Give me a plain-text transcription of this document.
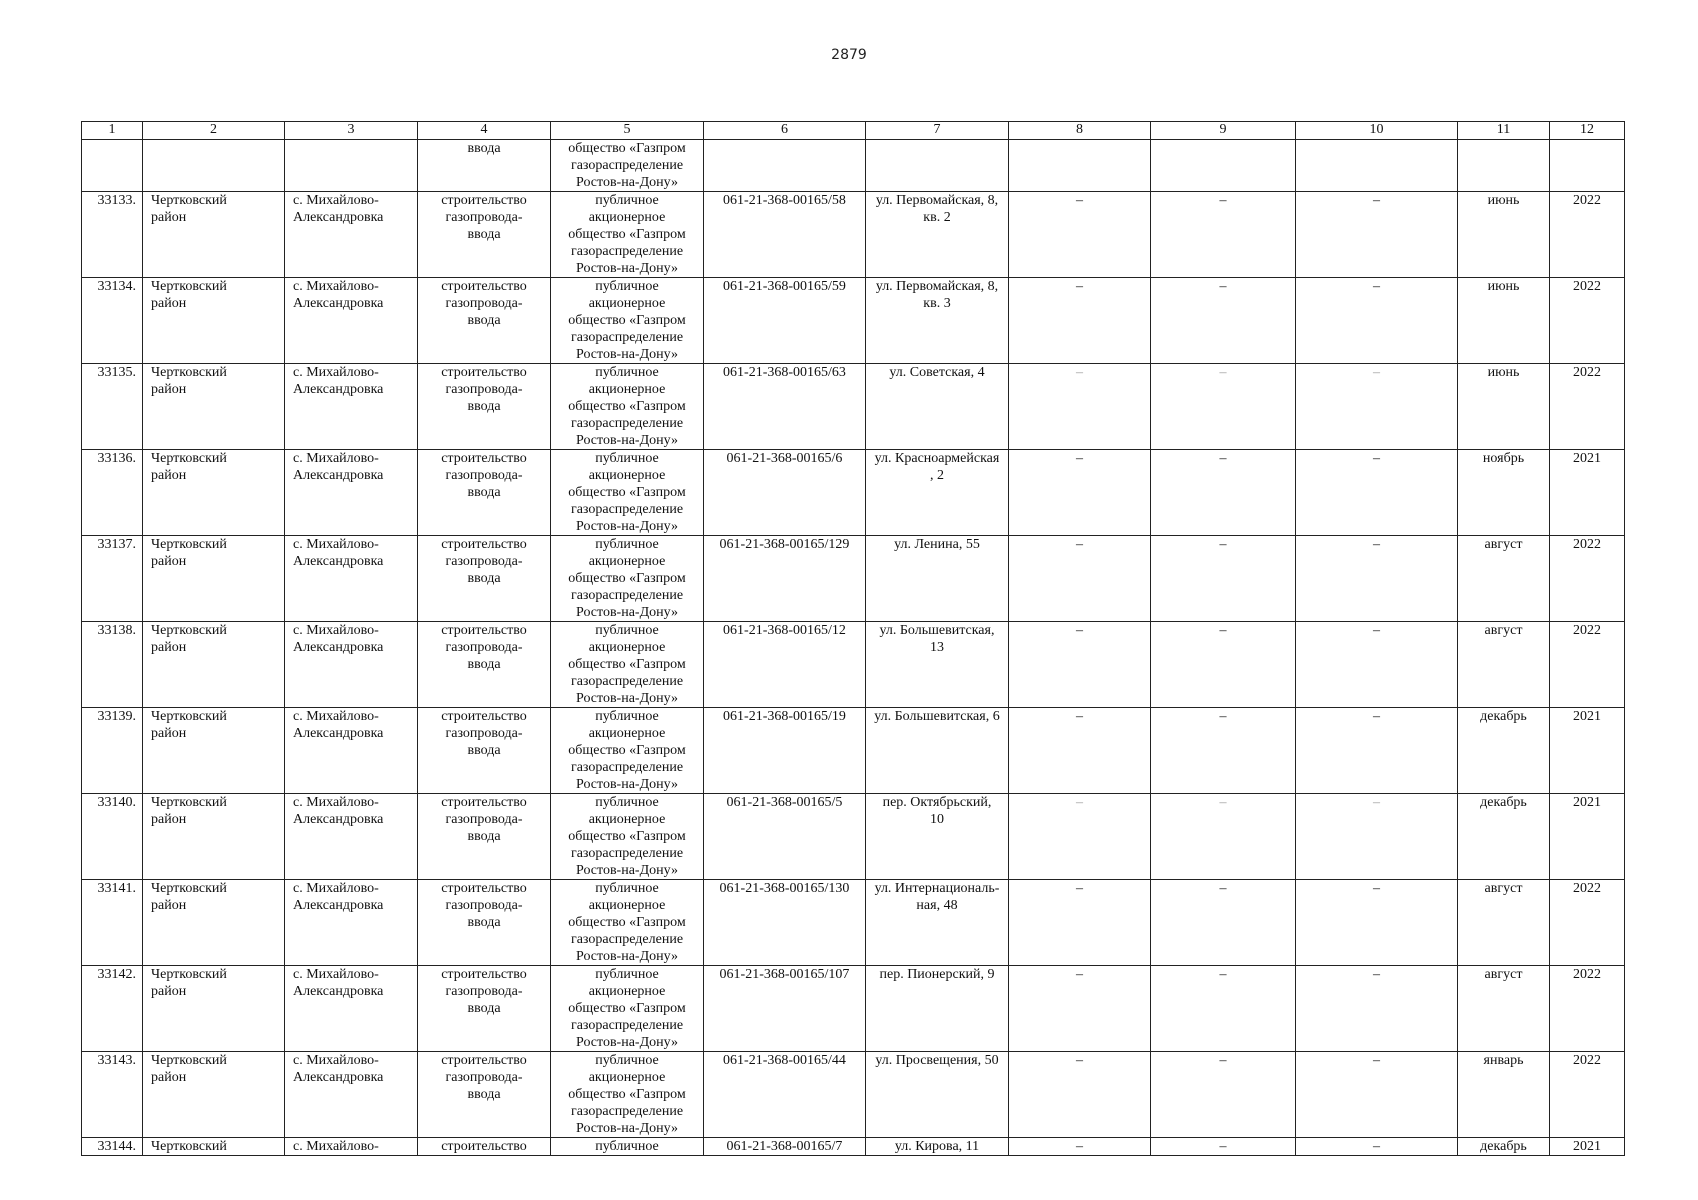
2879
1	2	3	4	5	6	7	8	9	10	11	12

			ввода	общество «Газпром
газораспределение
Ростов-на-Дону»							

33133.	Чертковский
район	с. Михайлово-
Александровка	строительство
газопровода-
ввода	публичное
акционерное
общество «Газпром
газораспределение
Ростов-на-Дону»	061-21-368-00165/58	ул. Первомайская, 8,
кв. 2	–	–	–	июнь	2022

33134.	Чертковский
район	с. Михайлово-
Александровка	строительство
газопровода-
ввода	публичное
акционерное
общество «Газпром
газораспределение
Ростов-на-Дону»	061-21-368-00165/59	ул. Первомайская, 8,
кв. 3	–	–	–	июнь	2022

33135.	Чертковский
район	с. Михайлово-
Александровка	строительство
газопровода-
ввода	публичное
акционерное
общество «Газпром
газораспределение
Ростов-на-Дону»	061-21-368-00165/63	ул. Советская, 4	–	–	–	июнь	2022

33136.	Чертковский
район	с. Михайлово-
Александровка	строительство
газопровода-
ввода	публичное
акционерное
общество «Газпром
газораспределение
Ростов-на-Дону»	061-21-368-00165/6	ул. Красноармейская
, 2	–	–	–	ноябрь	2021

33137.	Чертковский
район	с. Михайлово-
Александровка	строительство
газопровода-
ввода	публичное
акционерное
общество «Газпром
газораспределение
Ростов-на-Дону»	061-21-368-00165/129	ул. Ленина, 55	–	–	–	август	2022

33138.	Чертковский
район	с. Михайлово-
Александровка	строительство
газопровода-
ввода	публичное
акционерное
общество «Газпром
газораспределение
Ростов-на-Дону»	061-21-368-00165/12	ул. Большевитская,
13	–	–	–	август	2022

33139.	Чертковский
район	с. Михайлово-
Александровка	строительство
газопровода-
ввода	публичное
акционерное
общество «Газпром
газораспределение
Ростов-на-Дону»	061-21-368-00165/19	ул. Большевитская, 6	–	–	–	декабрь	2021

33140.	Чертковский
район	с. Михайлово-
Александровка	строительство
газопровода-
ввода	публичное
акционерное
общество «Газпром
газораспределение
Ростов-на-Дону»	061-21-368-00165/5	пер. Октябрьский,
10	–	–	–	декабрь	2021

33141.	Чертковский
район	с. Михайлово-
Александровка	строительство
газопровода-
ввода	публичное
акционерное
общество «Газпром
газораспределение
Ростов-на-Дону»	061-21-368-00165/130	ул. Интернациональ-
ная, 48	–	–	–	август	2022

33142.	Чертковский
район	с. Михайлово-
Александровка	строительство
газопровода-
ввода	публичное
акционерное
общество «Газпром
газораспределение
Ростов-на-Дону»	061-21-368-00165/107	пер. Пионерский, 9	–	–	–	август	2022

33143.	Чертковский
район	с. Михайлово-
Александровка	строительство
газопровода-
ввода	публичное
акционерное
общество «Газпром
газораспределение
Ростов-на-Дону»	061-21-368-00165/44	ул. Просвещения, 50	–	–	–	январь	2022

33144.	Чертковский	с. Михайлово-	строительство	публичное	061-21-368-00165/7	ул. Кирова, 11	–	–	–	декабрь	2021
